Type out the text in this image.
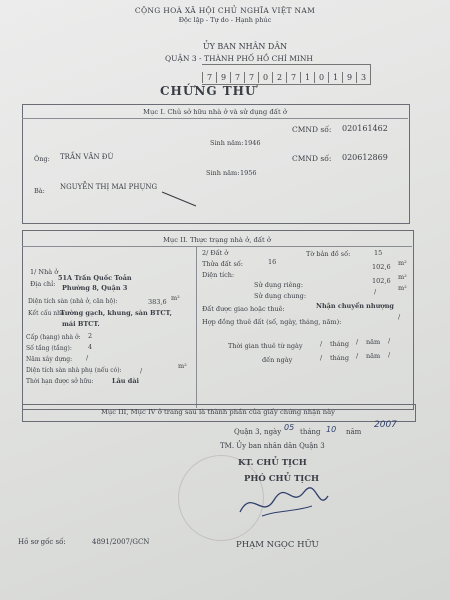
CỘNG HOÀ XÃ HỘI CHỦ NGHĨA VIỆT NAM
Độc lập - Tự do - Hạnh phúc
ỦY BAN NHÂN DÂN
QUẬN 3 - THÀNH PHỐ HỒ CHÍ MINH
7 9 7 7 0 2 7 1 0 1 9 3
CHỨNG THƯ
Mục I. Chủ sở hữu nhà ở và sử dụng đất ở
Ông: TRẦN VĂN ĐÙ
Sinh năm: 1946
CMND số: 020161462
Bà: NGUYỄN THỊ MAI PHỤNG
Sinh năm: 1956
CMND số: 020612869
Mục II. Thực trạng nhà ở, đất ở
1/ Nhà ở
Địa chỉ:
51A Trần Quốc Toản
Phường 8, Quận 3
Diện tích sàn (nhà ở, căn hộ):	383,6 m²
Kết cấu nhà:
Tường gạch, khung, sàn BTCT,
mái BTCT.
Cấp (hạng) nhà ở: 2
Số tầng (tầng): 4
Năm xây dựng: /
Diện tích sàn nhà phụ (nếu có):	/
m²
Thời hạn được sở hữu:	Lâu dài
2/ Đất ở
Thửa đất số:	16
Tờ bản đồ số:	15
Diện tích:
102,6 m²
Sử dụng riêng:	102,6 m²
Sử dụng chung:	/	m²
Đất được giao hoặc thuê:	Nhận chuyển nhượng
Hợp đồng thuê đất (số, ngày, tháng, năm):
/
Thời gian thuê từ ngày	/ tháng / năm /
đến ngày	/ tháng / năm /
Mục III, Mục IV ở trang sau là thành phần của giấy chứng nhận này
Quận 3, ngày 05 tháng 10 năm
2007
TM. Ủy ban nhân dân Quận 3
KT. CHỦ TỊCH
PHÓ CHỦ TỊCH
PHẠM NGỌC HỮU
Hồ sơ gốc số:	4891/2007/GCN
